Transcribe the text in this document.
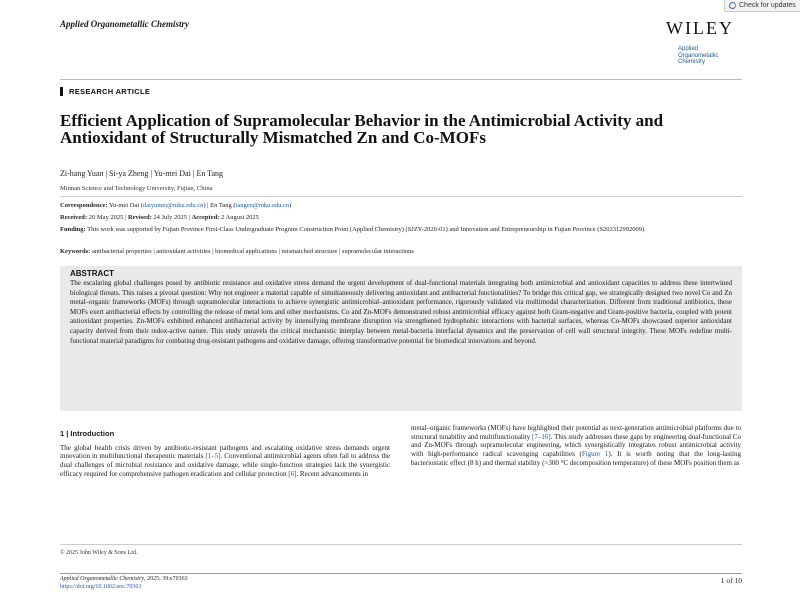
Check for updates
Applied Organometallic Chemistry	WILEY
Applied
Organometallic
Chemistry
RESEARCH ARTICLE
Efficient Application of Supramolecular Behavior in the Antimicrobial Activity and Antioxidant of Structurally Mismatched Zn and Co-MOFs
Zi-hang Yuan | Si-ya Zheng | Yu-mei Dai | En Tang
Minnan Science and Technology University, Fujian, China
Correspondence: Yu-mei Dai (daiyumei@mku.edu.cn) | En Tang (tangen@mku.edu.cn)
Received: 20 May 2025 | Revised: 24 July 2025 | Accepted: 2 August 2025
Funding: This work was supported by Fujian Province First-Class Undergraduate Program Construction Point (Applied Chemistry) (SJZY-2020-01) and Innovation and Entrepreneurship in Fujian Province (S202312992009).
Keywords: antibacterial properties | antioxidant activities | biomedical applications | mismatched structure | supramolecular interactions
ABSTRACT

The escalating global challenges posed by antibiotic resistance and oxidative stress demand the urgent development of dual-functional materials integrating both antimicrobial and antioxidant capacities to address these intertwined biological threats. This raises a pivotal question: Why not engineer a material capable of simultaneously delivering antioxidant and antibacterial functionalities? To bridge this critical gap, we strategically designed two novel Co and Zn metal–organic frameworks (MOFs) through supramolecular interactions to achieve synergistic antimicrobial–antioxidant performance, rigorously validated via multimodal characterization. Different from traditional antibiotics, these MOFs exert antibacterial effects by controlling the release of metal ions and other mechanisms. Co and Zn-MOFs demonstrated robust antimicrobial efficacy against both Gram-negative and Gram-positive bacteria, coupled with potent antioxidant properties. Zn-MOFs exhibited enhanced antibacterial activity by intensifying membrane disruption via strengthened hydrophobic interactions with bacterial surfaces, whereas Co-MOFs showcased superior antioxidant capacity derived from their redox-active nature. This study unravels the critical mechanistic interplay between metal-bacteria interfacial dynamics and the preservation of cell wall structural integrity. These MOFs redefine multi-functional material paradigms for combating drug-resistant pathogens and oxidative damage, offering transformative potential for biomedical innovations and beyond.

1 | Introduction

The global health crisis driven by antibiotic-resistant pathogens and escalating oxidative stress demands urgent innovation in multifunctional therapeutic materials [1–5]. Conventional antimicrobial agents often fail to address the dual challenges of microbial resistance and oxidative damage, while single-function strategies lack the synergistic efficacy required for comprehensive pathogen eradication and cellular protection [6]. Recent advancements in

metal–organic frameworks (MOFs) have highlighted their potential as next-generation antimicrobial platforms due to structural tunability and multifunctionality [7–16]. This study addresses these gaps by engineering dual-functional Co and Zn-MOFs through supramolecular engineering, which synergistically integrates robust antimicrobial activity with high-performance radical scavenging capabilities (Figure 1). It is worth noting that the long-lasting bacteriostatic effect (8 h) and thermal stability (>300 °C decomposition temperature) of these MOFs position them as

© 2025 John Wiley & Sons Ltd.
Applied Organometallic Chemistry, 2025; 39:e70363
https://doi.org/10.1002/aoc.70363
1 of 10
